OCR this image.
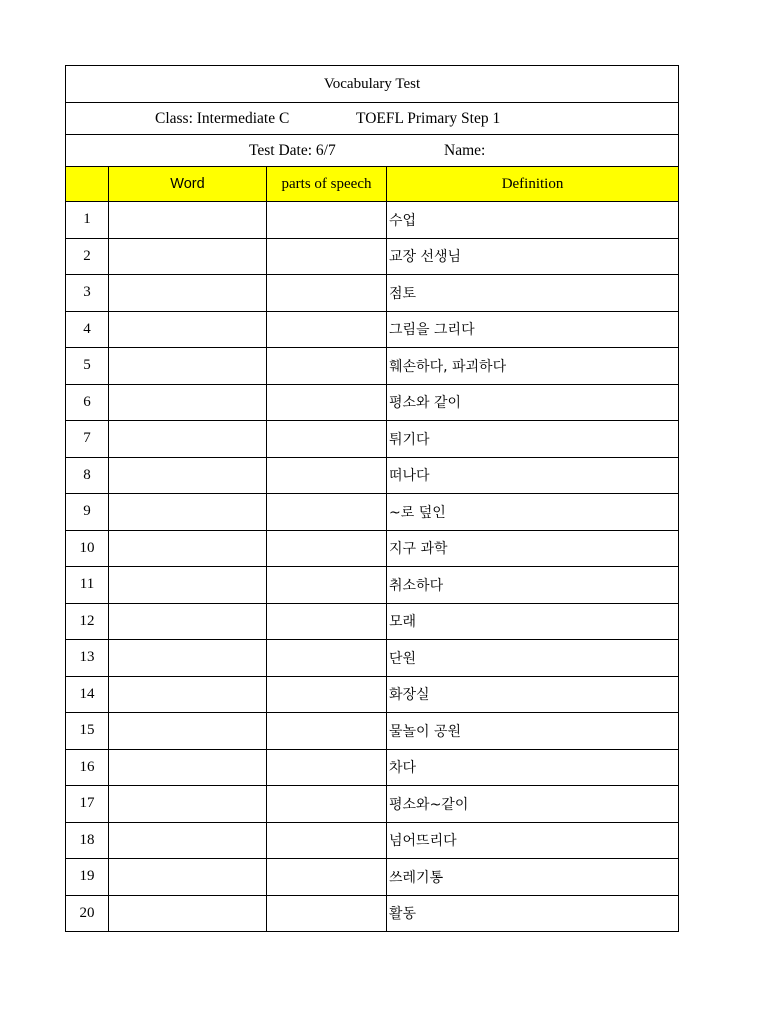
Vocabulary Test			

Class: Intermediate C TOEFL Primary Step 1			

Test Date: 6/7 Name:			

	Word	parts of speech	Definition
1			수업
2			교장 선생님
3			점토
4			그림을 그리다
5			훼손하다, 파괴하다
6			평소와 같이
7			튀기다
8			떠나다
9			~로 덮인
10			지구 과학
11			취소하다
12			모래
13			단원
14			화장실
15			물놀이 공원
16			차다
17			평소와~같이
18			넘어뜨리다
19			쓰레기통
20			활동
